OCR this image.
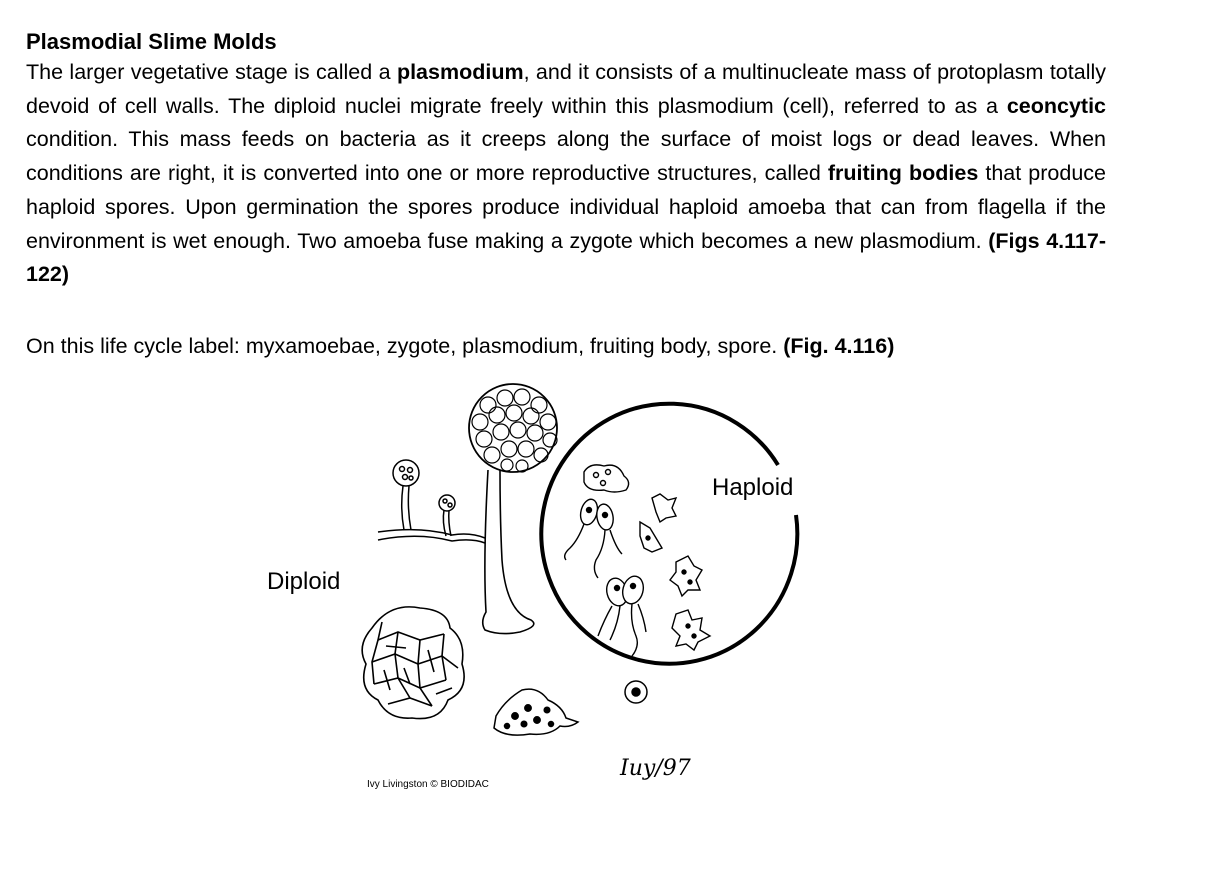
Plasmodial Slime Molds

The larger vegetative stage is called a plasmodium, and it consists of a multinucleate mass of protoplasm totally devoid of cell walls. The diploid nuclei migrate freely within this plasmodium (cell), referred to as a ceoncytic condition. This mass feeds on bacteria as it creeps along the surface of moist logs or dead leaves. When conditions are right, it is converted into one or more reproductive structures, called fruiting bodies that produce haploid spores. Upon germination the spores produce individual haploid amoeba that can from flagella if the environment is wet enough. Two amoeba fuse making a zygote which becomes a new plasmodium. (Figs 4.117-122)

On this life cycle label: myxamoebae, zygote, plasmodium, fruiting body, spore. (Fig. 4.116)

Diploid
Haploid
Ivy Livingston © BIODIDAC
Iuy/97
